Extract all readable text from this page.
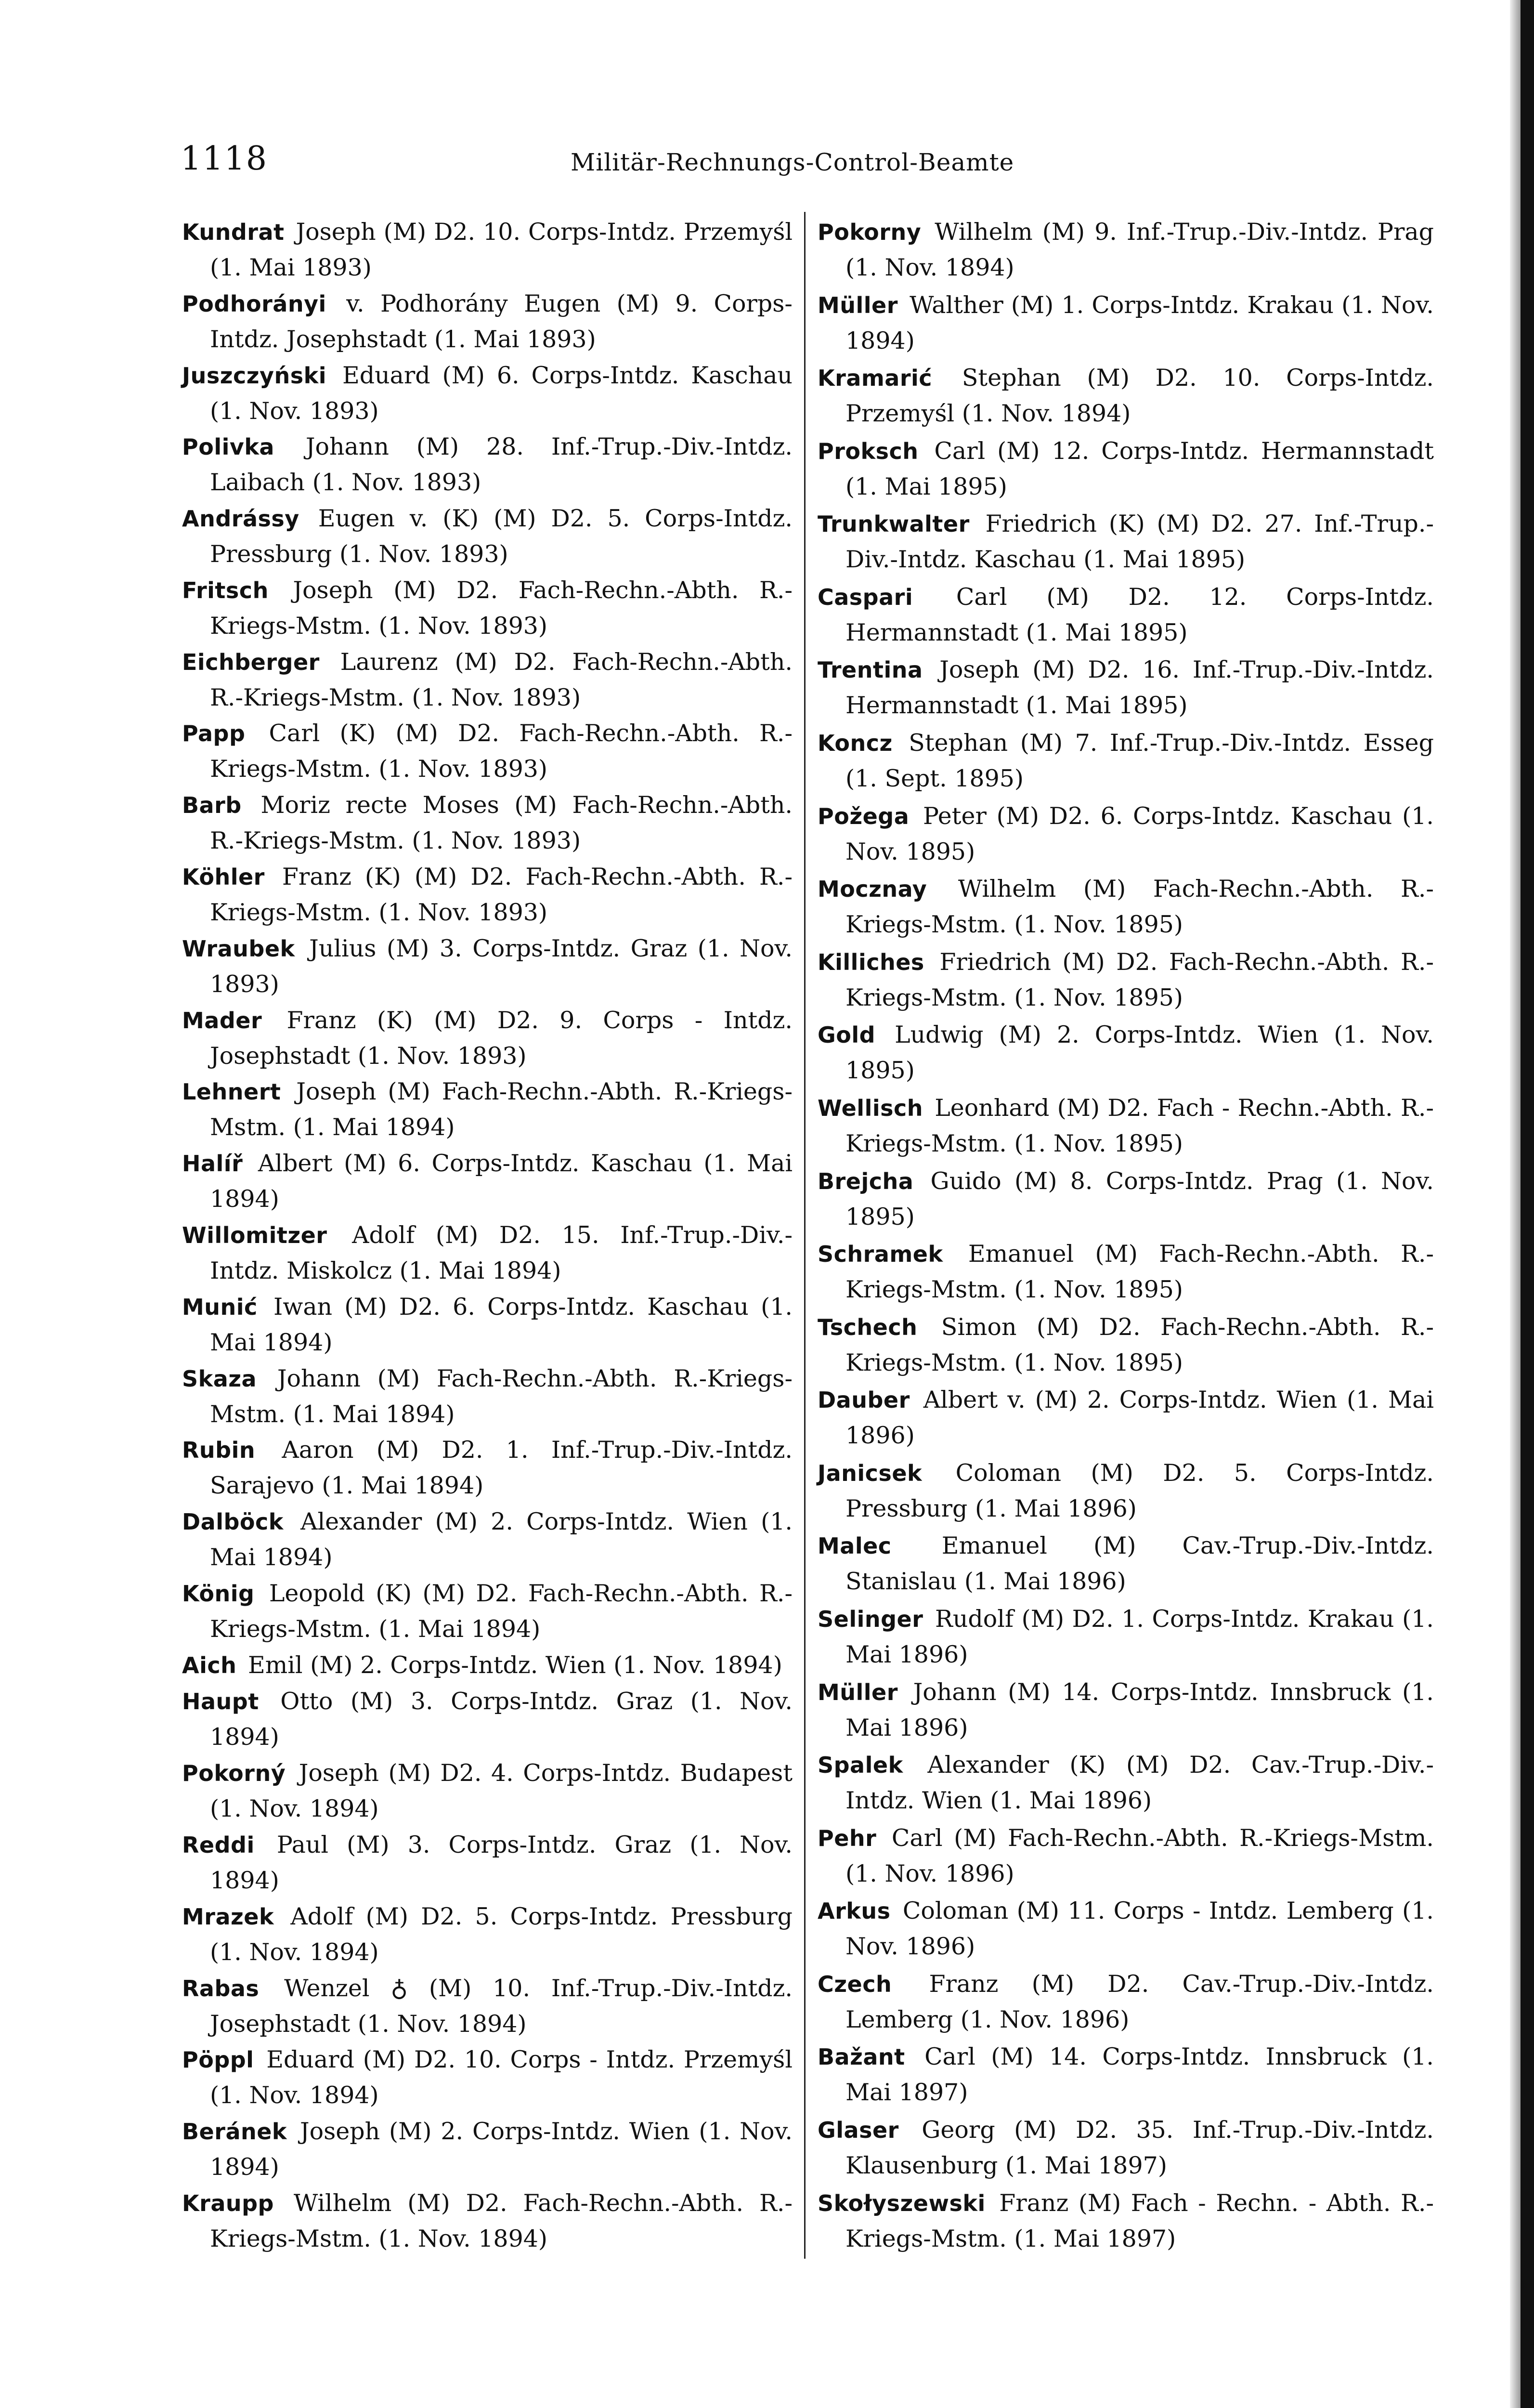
1118	Militär-Rechnungs-Control-Beamte

Kundrat Joseph (M) D2. 10. Corps-Intdz. Przemyśl (1. Mai 1893)

Podhorányi v. Podhorány Eugen (M) 9. Corps-Intdz. Josephstadt (1. Mai 1893)

Juszczyński Eduard (M) 6. Corps-Intdz. Kaschau (1. Nov. 1893)

Polivka Johann (M) 28. Inf.-Trup.-Div.-Intdz. Laibach (1. Nov. 1893)

Andrássy Eugen v. (K) (M) D2. 5. Corps-Intdz. Pressburg (1. Nov. 1893)

Fritsch Joseph (M) D2. Fach-Rechn.-Abth. R.-Kriegs-Mstm. (1. Nov. 1893)

Eichberger Laurenz (M) D2. Fach-Rechn.-Abth. R.-Kriegs-Mstm. (1. Nov. 1893)

Papp Carl (K) (M) D2. Fach-Rechn.-Abth. R.-Kriegs-Mstm. (1. Nov. 1893)

Barb Moriz recte Moses (M) Fach-Rechn.-Abth. R.-Kriegs-Mstm. (1. Nov. 1893)

Köhler Franz (K) (M) D2. Fach-Rechn.-Abth. R.-Kriegs-Mstm. (1. Nov. 1893)

Wraubek Julius (M) 3. Corps-Intdz. Graz (1. Nov. 1893)

Mader Franz (K) (M) D2. 9. Corps - Intdz. Josephstadt (1. Nov. 1893)

Lehnert Joseph (M) Fach-Rechn.-Abth. R.-Kriegs-Mstm. (1. Mai 1894)

Halíř Albert (M) 6. Corps-Intdz. Kaschau (1. Mai 1894)

Willomitzer Adolf (M) D2. 15. Inf.-Trup.-Div.-Intdz. Miskolcz (1. Mai 1894)

Munić Iwan (M) D2. 6. Corps-Intdz. Kaschau (1. Mai 1894)

Skaza Johann (M) Fach-Rechn.-Abth. R.-Kriegs-Mstm. (1. Mai 1894)

Rubin Aaron (M) D2. 1. Inf.-Trup.-Div.-Intdz. Sarajevo (1. Mai 1894)

Dalböck Alexander (M) 2. Corps-Intdz. Wien (1. Mai 1894)

König Leopold (K) (M) D2. Fach-Rechn.-Abth. R.-Kriegs-Mstm. (1. Mai 1894)

Aich Emil (M) 2. Corps-Intdz. Wien (1. Nov. 1894)

Haupt Otto (M) 3. Corps-Intdz. Graz (1. Nov. 1894)

Pokorný Joseph (M) D2. 4. Corps-Intdz. Budapest (1. Nov. 1894)

Reddi Paul (M) 3. Corps-Intdz. Graz (1. Nov. 1894)

Mrazek Adolf (M) D2. 5. Corps-Intdz. Pressburg (1. Nov. 1894)

Rabas Wenzel ♁ (M) 10. Inf.-Trup.-Div.-Intdz. Josephstadt (1. Nov. 1894)

Pöppl Eduard (M) D2. 10. Corps - Intdz. Przemyśl (1. Nov. 1894)

Beránek Joseph (M) 2. Corps-Intdz. Wien (1. Nov. 1894)

Kraupp Wilhelm (M) D2. Fach-Rechn.-Abth. R.-Kriegs-Mstm. (1. Nov. 1894)

Pokorny Wilhelm (M) 9. Inf.-Trup.-Div.-Intdz. Prag (1. Nov. 1894)

Müller Walther (M) 1. Corps-Intdz. Krakau (1. Nov. 1894)

Kramarić Stephan (M) D2. 10. Corps-Intdz. Przemyśl (1. Nov. 1894)

Proksch Carl (M) 12. Corps-Intdz. Hermannstadt (1. Mai 1895)

Trunkwalter Friedrich (K) (M) D2. 27. Inf.-Trup.-Div.-Intdz. Kaschau (1. Mai 1895)

Caspari Carl (M) D2. 12. Corps-Intdz. Hermannstadt (1. Mai 1895)

Trentina Joseph (M) D2. 16. Inf.-Trup.-Div.-Intdz. Hermannstadt (1. Mai 1895)

Koncz Stephan (M) 7. Inf.-Trup.-Div.-Intdz. Esseg (1. Sept. 1895)

Požega Peter (M) D2. 6. Corps-Intdz. Kaschau (1. Nov. 1895)

Mocznay Wilhelm (M) Fach-Rechn.-Abth. R.-Kriegs-Mstm. (1. Nov. 1895)

Killiches Friedrich (M) D2. Fach-Rechn.-Abth. R.-Kriegs-Mstm. (1. Nov. 1895)

Gold Ludwig (M) 2. Corps-Intdz. Wien (1. Nov. 1895)

Wellisch Leonhard (M) D2. Fach - Rechn.-Abth. R.-Kriegs-Mstm. (1. Nov. 1895)

Brejcha Guido (M) 8. Corps-Intdz. Prag (1. Nov. 1895)

Schramek Emanuel (M) Fach-Rechn.-Abth. R.-Kriegs-Mstm. (1. Nov. 1895)

Tschech Simon (M) D2. Fach-Rechn.-Abth. R.-Kriegs-Mstm. (1. Nov. 1895)

Dauber Albert v. (M) 2. Corps-Intdz. Wien (1. Mai 1896)

Janicsek Coloman (M) D2. 5. Corps-Intdz. Pressburg (1. Mai 1896)

Malec Emanuel (M) Cav.-Trup.-Div.-Intdz. Stanislau (1. Mai 1896)

Selinger Rudolf (M) D2. 1. Corps-Intdz. Krakau (1. Mai 1896)

Müller Johann (M) 14. Corps-Intdz. Innsbruck (1. Mai 1896)

Spalek Alexander (K) (M) D2. Cav.-Trup.-Div.-Intdz. Wien (1. Mai 1896)

Pehr Carl (M) Fach-Rechn.-Abth. R.-Kriegs-Mstm. (1. Nov. 1896)

Arkus Coloman (M) 11. Corps - Intdz. Lemberg (1. Nov. 1896)

Czech Franz (M) D2. Cav.-Trup.-Div.-Intdz. Lemberg (1. Nov. 1896)

Bažant Carl (M) 14. Corps-Intdz. Innsbruck (1. Mai 1897)

Glaser Georg (M) D2. 35. Inf.-Trup.-Div.-Intdz. Klausenburg (1. Mai 1897)

Skołyszewski Franz (M) Fach - Rechn. - Abth. R.-Kriegs-Mstm. (1. Mai 1897)
